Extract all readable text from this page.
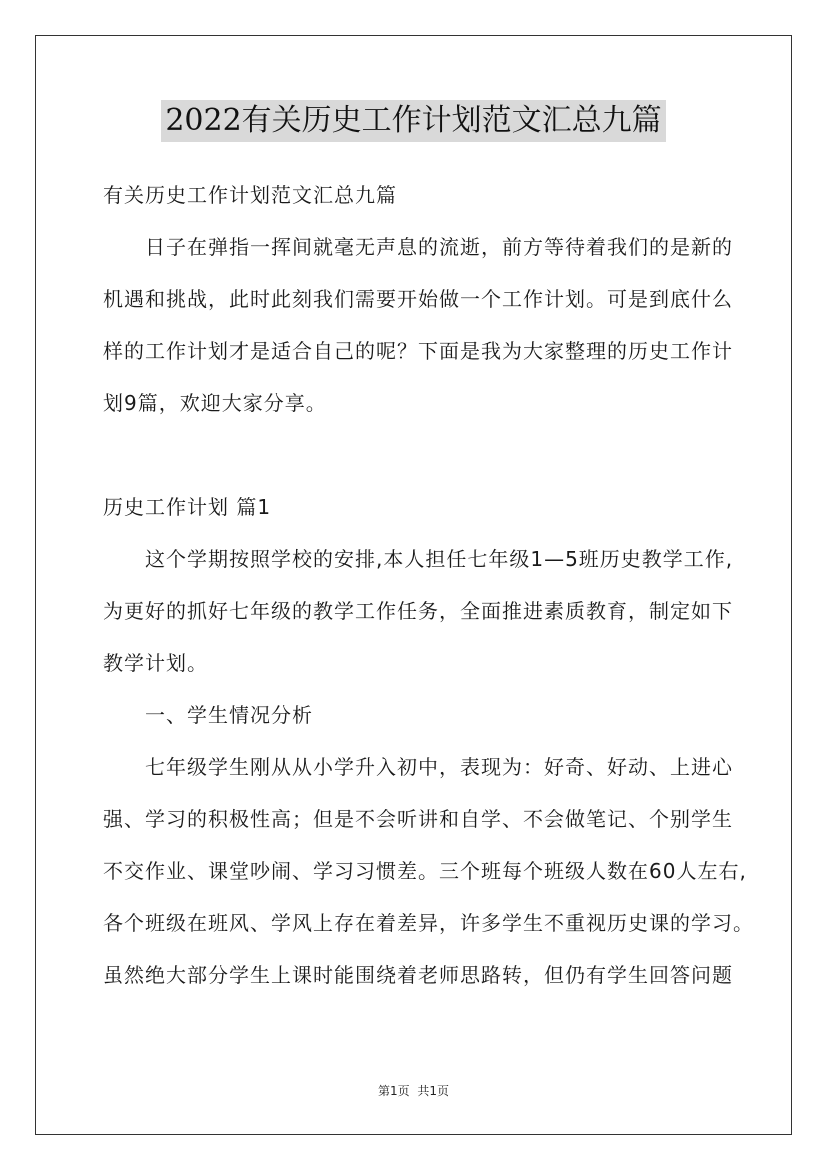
2022有关历史工作计划范文汇总九篇
有关历史工作计划范文汇总九篇
日子在弹指一挥间就毫无声息的流逝，前方等待着我们的是新的
机遇和挑战，此时此刻我们需要开始做一个工作计划。可是到底什么
样的工作计划才是适合自己的呢？下面是我为大家整理的历史工作计
划9篇，欢迎大家分享。
历史工作计划 篇1
这个学期按照学校的安排,本人担任七年级1—5班历史教学工作,
为更好的抓好七年级的教学工作任务，全面推进素质教育，制定如下
教学计划。
一、学生情况分析
七年级学生刚从从小学升入初中，表现为：好奇、好动、上进心
强、学习的积极性高；但是不会听讲和自学、不会做笔记、个别学生
不交作业、课堂吵闹、学习习惯差。三个班每个班级人数在60人左右,
各个班级在班风、学风上存在着差异，许多学生不重视历史课的学习。
虽然绝大部分学生上课时能围绕着老师思路转，但仍有学生回答问题
第1页 共1页
